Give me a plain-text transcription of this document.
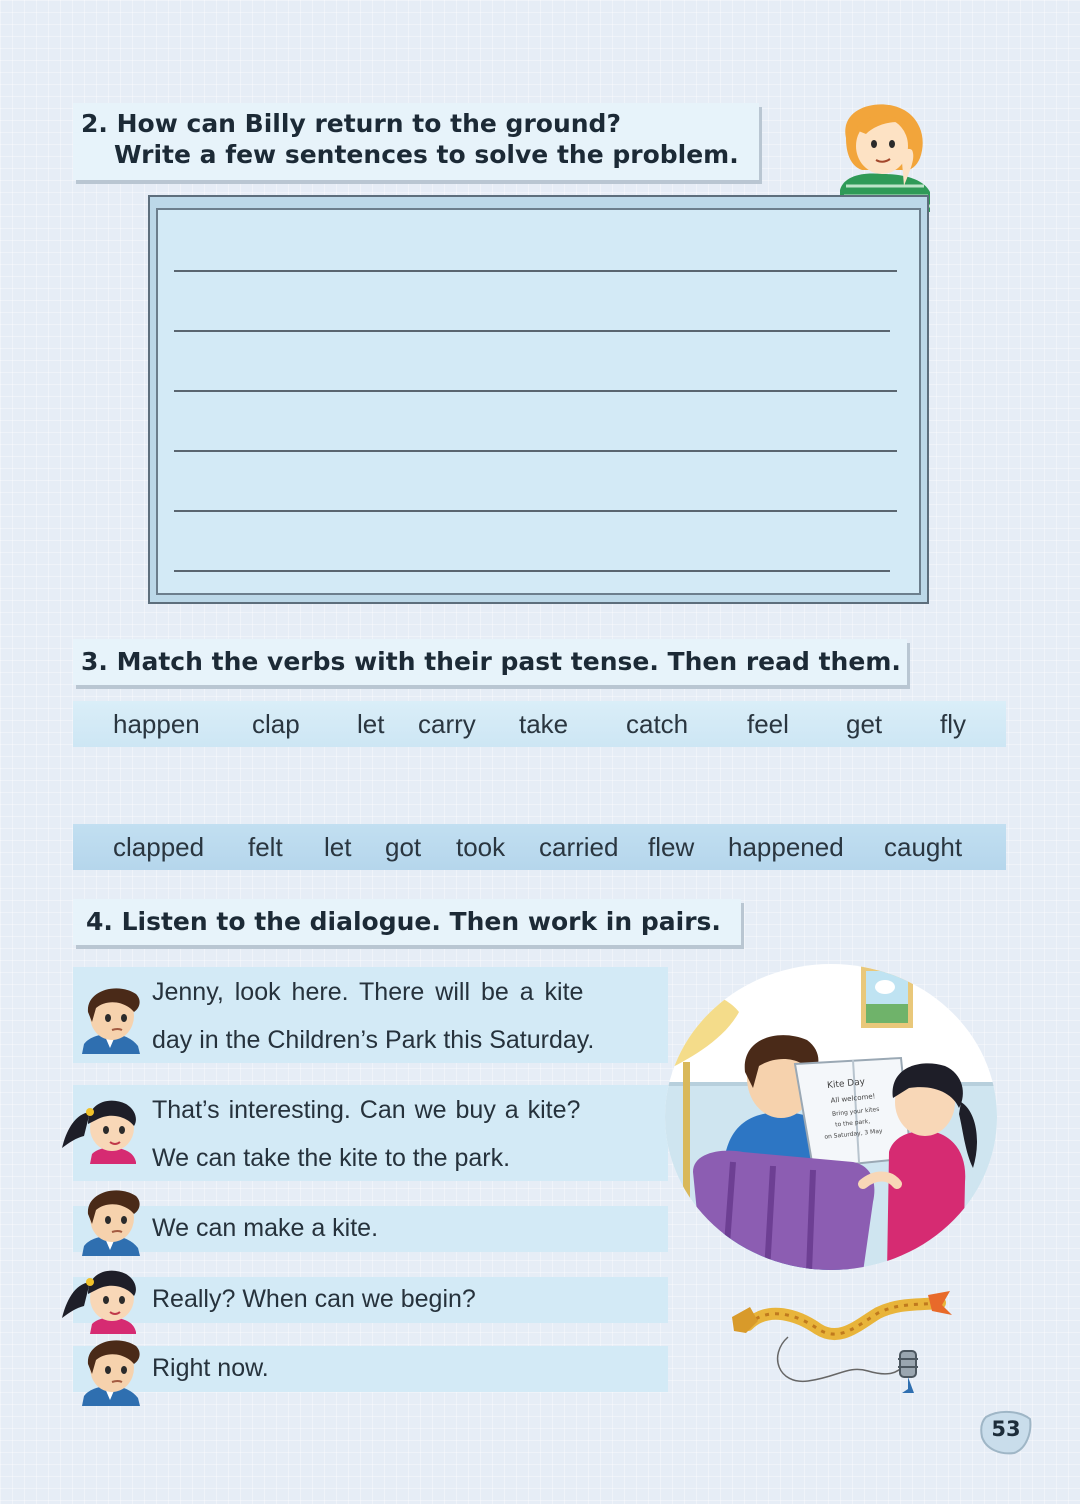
2. How can Billy return to the ground?
Write a few sentences to solve the problem.
3. Match the verbs with their past tense. Then read them.
happen clap let carry take catch feel get fly
clapped felt let got took carried flew happened caught
4. Listen to the dialogue. Then work in pairs.
Jenny, look here. There will be a kite
day in the Children’s Park this Saturday.
That’s interesting. Can we buy a kite?
We can take the kite to the park.
We can make a kite.
Really? When can we begin?
Right now.
Kite Day
All welcome!
Bring your kites
to the park,
on Saturday, 3 May
53
